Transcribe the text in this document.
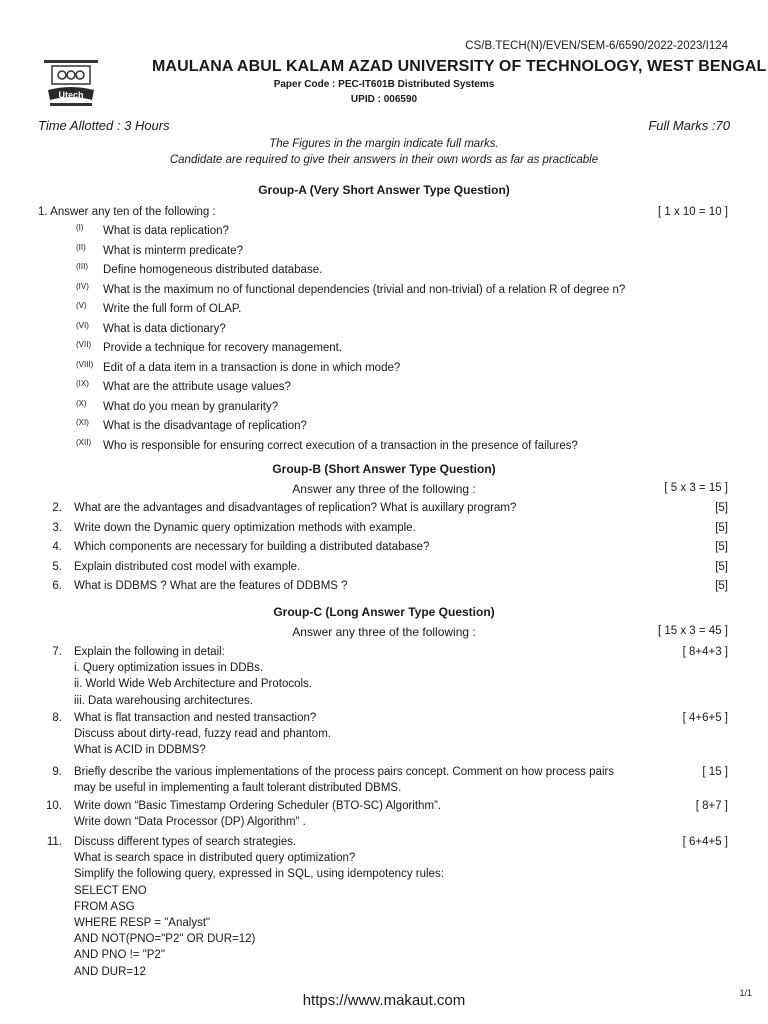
CS/B.TECH(N)/EVEN/SEM-6/6590/2022-2023/I124
Utech
MAULANA ABUL KALAM AZAD UNIVERSITY OF TECHNOLOGY, WEST BENGAL
Paper Code : PEC-IT601B Distributed Systems
UPID : 006590
Time Allotted : 3 Hours	Full Marks :70
The Figures in the margin indicate full marks.
Candidate are required to give their answers in their own words as far as practicable
Group-A (Very Short Answer Type Question)
1. Answer any ten of the following :	[ 1 x 10 = 10 ]
(I) What is data replication?
(II) What is minterm predicate?
(III) Define homogeneous distributed database.
(IV) What is the maximum no of functional dependencies (trivial and non-trivial) of a relation R of degree n?
(V) Write the full form of OLAP.
(VI) What is data dictionary?
(VII) Provide a technique for recovery management.
(VIII) Edit of a data item in a transaction is done in which mode?
(IX) What are the attribute usage values?
(X) What do you mean by granularity?
(XI) What is the disadvantage of replication?
(XII) Who is responsible for ensuring correct execution of a transaction in the presence of failures?
Group-B (Short Answer Type Question)
Answer any three of the following :	[ 5 x 3 = 15 ]
2. What are the advantages and disadvantages of replication? What is auxillary program?	[5]
3. Write down the Dynamic query optimization methods with example.	[5]
4. Which components are necessary for building a distributed database?	[5]
5. Explain distributed cost model with example.	[5]
6. What is DDBMS ? What are the features of DDBMS ?	[5]
Group-C (Long Answer Type Question)
Answer any three of the following :	[ 15 x 3 = 45 ]
7. Explain the following in detail:
i. Query optimization issues in DDBs.
ii. World Wide Web Architecture and Protocols.
iii. Data warehousing architectures.
[ 8+4+3 ]
8. What is flat transaction and nested transaction?
Discuss about dirty-read, fuzzy read and phantom.
What is ACID in DDBMS?
[ 4+6+5 ]
9. Briefly describe the various implementations of the process pairs concept. Comment on how process pairs
may be useful in implementing a fault tolerant distributed DBMS.
[ 15 ]
10. Write down “Basic Timestamp Ordering Scheduler (BTO-SC) Algorithm”.
Write down “Data Processor (DP) Algorithm” .
[ 8+7 ]
11. Discuss different types of search strategies.
What is search space in distributed query optimization?
Simplify the following query, expressed in SQL, using idempotency rules:
SELECT ENO
FROM ASG
WHERE RESP = "Analyst"
AND NOT(PNO="P2" OR DUR=12)
AND PNO != "P2"
AND DUR=12
[ 6+4+5 ]
https://www.makaut.com	1/1
